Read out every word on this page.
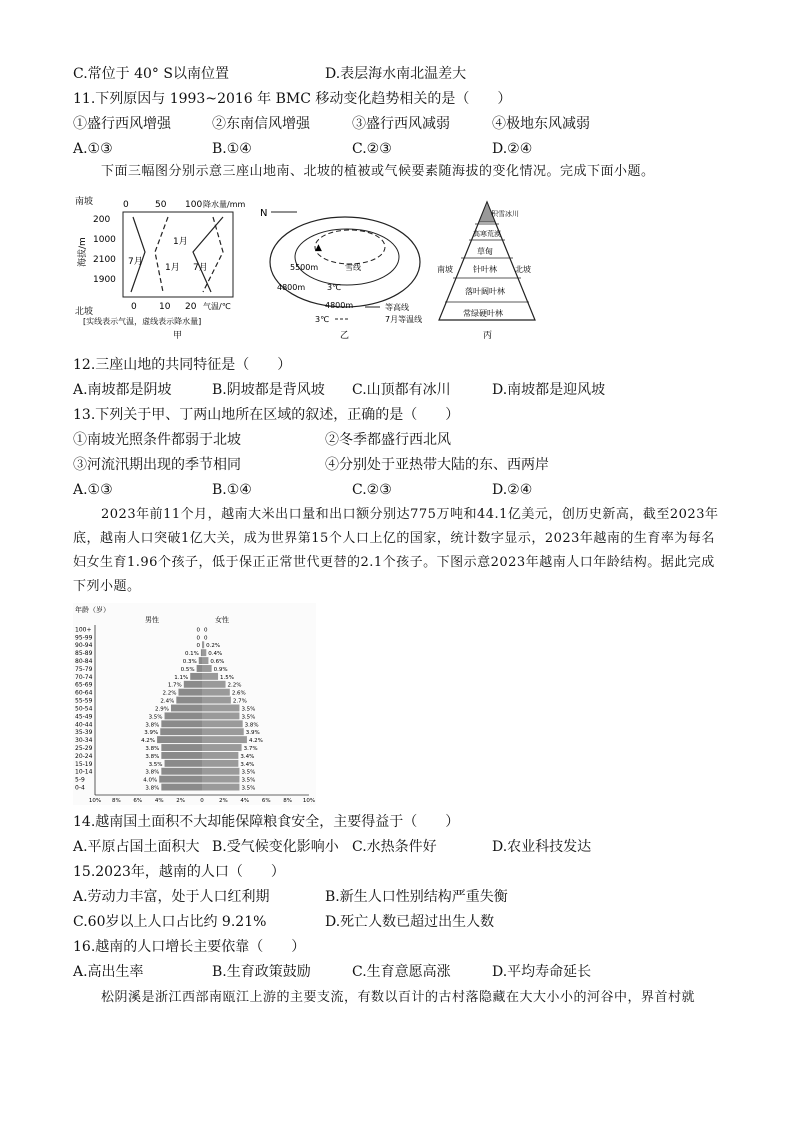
C.常位于 40° S以南位置	D.表层海水南北温差大
11.下列原因与 1993~2016 年 BMC 移动变化趋势相关的是（　　）
①盛行西风增强	②东南信风增强	③盛行西风减弱	④极地东风减弱
A.①③	B.①④	C.②③	D.②④
下面三幅图分别示意三座山地南、北坡的植被或气候要素随海拔的变化情况。完成下面小题。
南坡
北坡
海拔/m
200
1000
2100
1900
0	50 100 降水量/mm
0 10 20 气温/℃
1月
7月
1月 7月
[实线表示气温，虚线表示降水量]
甲
N
▲
5500m	雪线
4800m	3℃
4800m	等高线
3℃	7月等温线
乙
积雪冰川
高寒荒漠
草甸
针叶林
落叶阔叶林
常绿硬叶林
南坡	北坡
丙
12.三座山地的共同特征是（　　）
A.南坡都是阴坡	B.阴坡都是背风坡 C.山顶都有冰川	D.南坡都是迎风坡
13.下列关于甲、丁两山地所在区域的叙述，正确的是（　　）
①南坡光照条件都弱于北坡	②冬季都盛行西北风
③河流汛期出现的季节相同	④分别处于亚热带大陆的东、西两岸
A.①③	B.①④	C.②③	D.②④
2023年前11个月，越南大米出口量和出口额分别达775万吨和44.1亿美元，创历史新高，截至2023年底，越南人口突破1亿大关，成为世界第15个人口上亿的国家，统计数字显示，2023年越南的生育率为每名妇女生育1.96个孩子，低于保正正常世代更替的2.1个孩子。下图示意2023年越南人口年龄结构。据此完成下列小题。
年龄（岁）
男性	女性
100+	0 0
95-99	0 0
90-94	0 0.2%
85-89	0.1% 0.4%
80-84	0.3% 0.6%
75-79	0.5%	0.9%
70-74	1.1%	1.5%
65-69	1.7%	2.2%
60-64	2.2%	2.6%
55-59	2.4%	2.7%
50-54	2.9%	3.5%
45-49	3.5%	3.5%
40-44	3.8%	3.8%
35-39	3.9%	3.9%
30-34	4.2%	4.2%
25-29	3.8%	3.7%
20-24	3.8%	3.4%
15-19	3.5%	3.4%
10-14	3.8%	3.5%
5-9	4.0%	3.5%
0-4	3.8%	3.5%
10% 8% 6% 4% 2%	0	2% 4% 6% 8% 10%
14.越南国土面积不大却能保障粮食安全，主要得益于（　　）
A.平原占国土面积大 B.受气候变化影响小 C.水热条件好	D.农业科技发达
15.2023年，越南的人口（　　）
A.劳动力丰富，处于人口红利期	B.新生人口性别结构严重失衡
C.60岁以上人口占比约 9.21%	D.死亡人数已超过出生人数
16.越南的人口增长主要依靠（　　）
A.高出生率	B.生育政策鼓励	C.生育意愿高涨	D.平均寿命延长
松阴溪是浙江西部南瓯江上游的主要支流，有数以百计的古村落隐藏在大大小小的河谷中，界首村就
